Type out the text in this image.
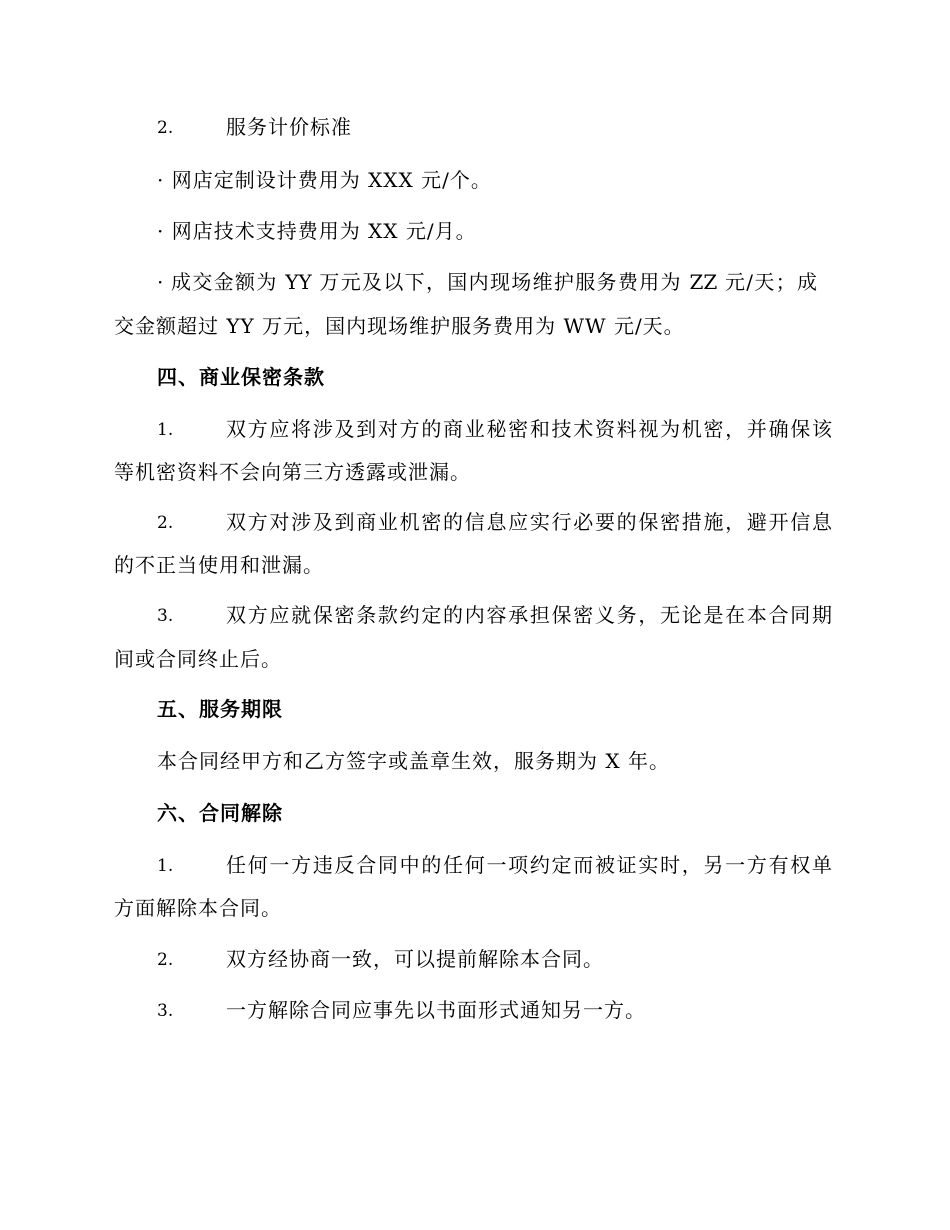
2.	服务计价标准
· 网店定制设计费用为 XXX 元/个。
· 网店技术支持费用为 XX 元/月。
· 成交金额为 YY 万元及以下，国内现场维护服务费用为 ZZ 元/天；成
交金额超过 YY 万元，国内现场维护服务费用为 WW 元/天。
四、商业保密条款
1.	双方应将涉及到对方的商业秘密和技术资料视为机密，并确保该
等机密资料不会向第三方透露或泄漏。
2.	双方对涉及到商业机密的信息应实行必要的保密措施，避开信息
的不正当使用和泄漏。
3.	双方应就保密条款约定的内容承担保密义务，无论是在本合同期
间或合同终止后。
五、服务期限
本合同经甲方和乙方签字或盖章生效，服务期为 X 年。
六、合同解除
1.	任何一方违反合同中的任何一项约定而被证实时，另一方有权单
方面解除本合同。
2.	双方经协商一致，可以提前解除本合同。
3.	一方解除合同应事先以书面形式通知另一方。
